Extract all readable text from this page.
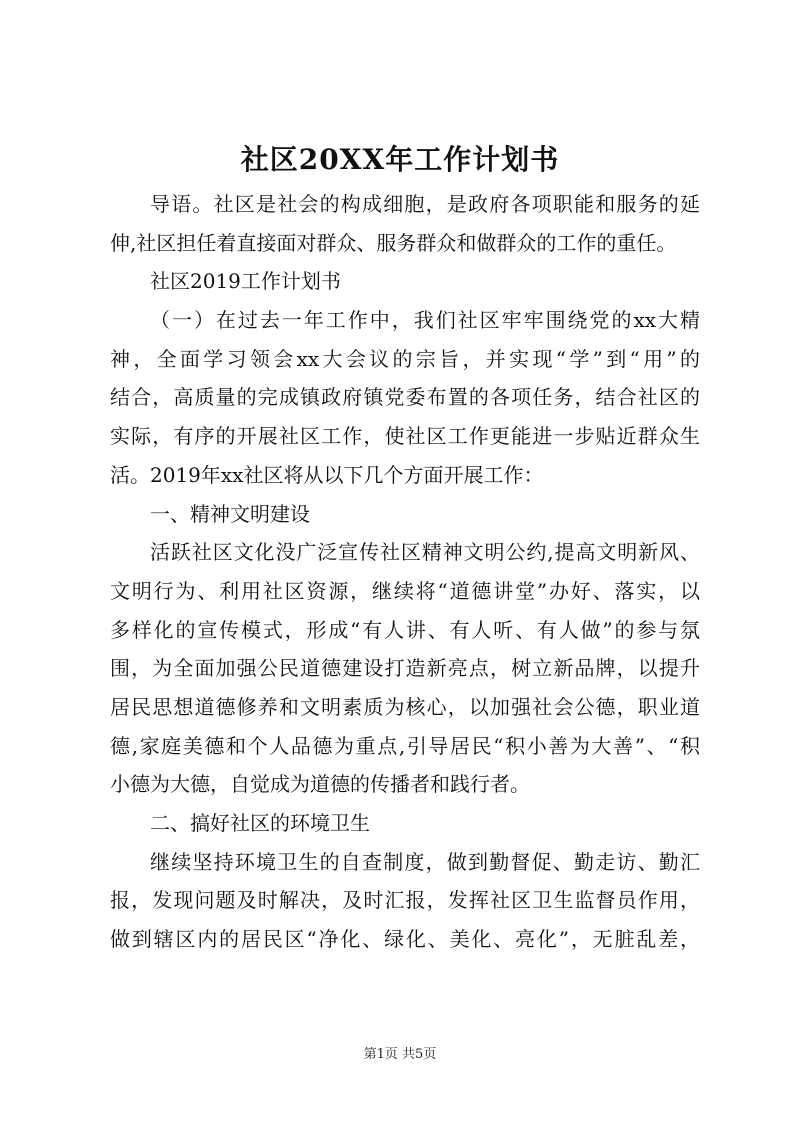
社区20XX年工作计划书
导语。社区是社会的构成细胞，是政府各项职能和服务的延
伸,社区担任着直接面对群众、服务群众和做群众的工作的重任。
社区2019工作计划书
（一）在过去一年工作中，我们社区牢牢围绕党的xx大精
神，全面学习领会xx大会议的宗旨，并实现“学”到“用”的
结合，高质量的完成镇政府镇党委布置的各项任务，结合社区的
实际，有序的开展社区工作，使社区工作更能进一步贴近群众生
活。2019年xx社区将从以下几个方面开展工作：
一、精神文明建设
活跃社区文化没广泛宣传社区精神文明公约,提高文明新风、
文明行为、利用社区资源，继续将“道德讲堂”办好、落实，以
多样化的宣传模式，形成“有人讲、有人听、有人做”的参与氛
围，为全面加强公民道德建设打造新亮点，树立新品牌，以提升
居民思想道德修养和文明素质为核心，以加强社会公德，职业道
德,家庭美德和个人品德为重点,引导居民“积小善为大善”、“积
小德为大德，自觉成为道德的传播者和践行者。
二、搞好社区的环境卫生
继续坚持环境卫生的自查制度，做到勤督促、勤走访、勤汇
报，发现问题及时解决，及时汇报，发挥社区卫生监督员作用，
做到辖区内的居民区“净化、绿化、美化、亮化”，无脏乱差，
第1页 共5页
